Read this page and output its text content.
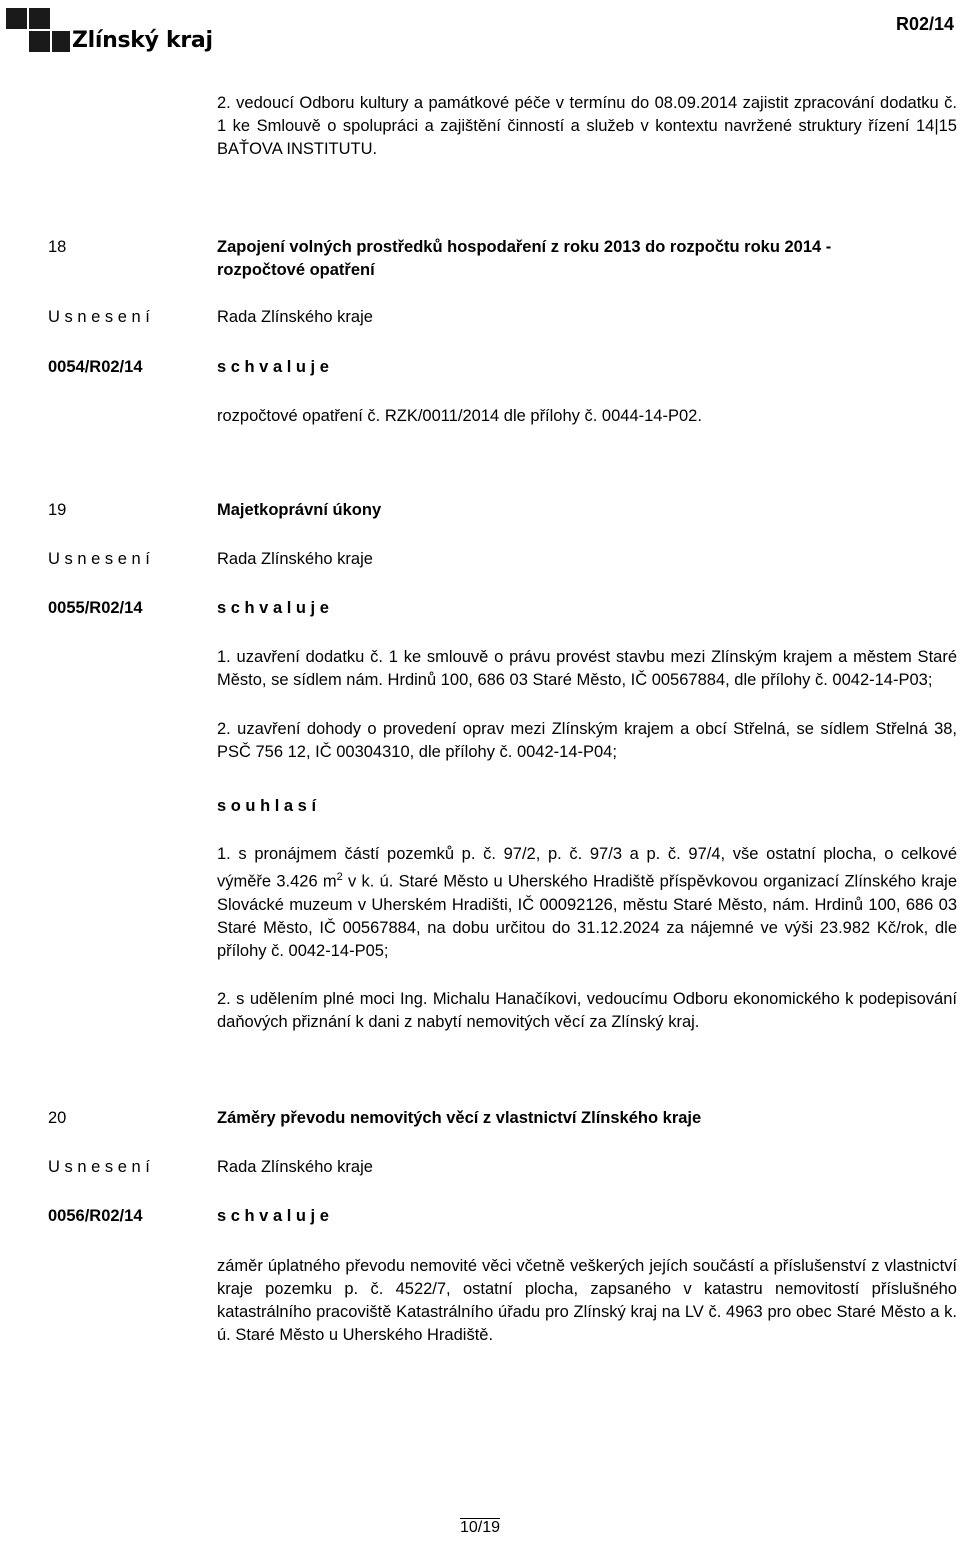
Zlínský kraj
R02/14
2. vedoucí Odboru kultury a památkové péče v termínu do 08.09.2014 zajistit zpracování dodatku č. 1 ke Smlouvě o spolupráci a zajištění činností a služeb v kontextu navržené struktury řízení 14|15 BAŤOVA INSTITUTU.
18	Zapojení volných prostředků hospodaření z roku 2013 do rozpočtu roku 2014 - rozpočtové opatření
U s n e s e n í	Rada Zlínského kraje
0054/R02/14	s c h v a l u j e
rozpočtové opatření č. RZK/0011/2014 dle přílohy č. 0044-14-P02.
19	Majetkoprávní úkony
U s n e s e n í	Rada Zlínského kraje
0055/R02/14	s c h v a l u j e
1. uzavření dodatku č. 1 ke smlouvě o právu provést stavbu mezi Zlínským krajem a městem Staré Město, se sídlem nám. Hrdinů 100, 686 03 Staré Město, IČ 00567884, dle přílohy č. 0042-14-P03;
2. uzavření dohody o provedení oprav mezi Zlínským krajem a obcí Střelná, se sídlem Střelná 38, PSČ 756 12, IČ 00304310, dle přílohy č. 0042-14-P04;
s o u h l a s í
1. s pronájmem částí pozemků p. č. 97/2, p. č. 97/3 a p. č. 97/4, vše ostatní plocha, o celkové výměře 3.426 $m^2$ v k. ú. Staré Město u Uherského Hradiště příspěvkovou organizací Zlínského kraje Slovácké muzeum v Uherském Hradišti, IČ 00092126, městu Staré Město, nám. Hrdinů 100, 686 03 Staré Město, IČ 00567884, na dobu určitou do 31.12.2024 za nájemné ve výši 23.982 Kč/rok, dle přílohy č. 0042-14-P05;
2. s udělením plné moci Ing. Michalu Hanačíkovi, vedoucímu Odboru ekonomického k podepisování daňových přiznání k dani z nabytí nemovitých věcí za Zlínský kraj.
20	Záměry převodu nemovitých věcí z vlastnictví Zlínského kraje
U s n e s e n í	Rada Zlínského kraje
0056/R02/14	s c h v a l u j e
záměr úplatného převodu nemovité věci včetně veškerých jejích součástí a příslušenství z vlastnictví kraje pozemku p. č. 4522/7, ostatní plocha, zapsaného v katastru nemovitostí příslušného katastrálního pracoviště Katastrálního úřadu pro Zlínský kraj na LV č. 4963 pro obec Staré Město a k. ú. Staré Město u Uherského Hradiště.
10/19
